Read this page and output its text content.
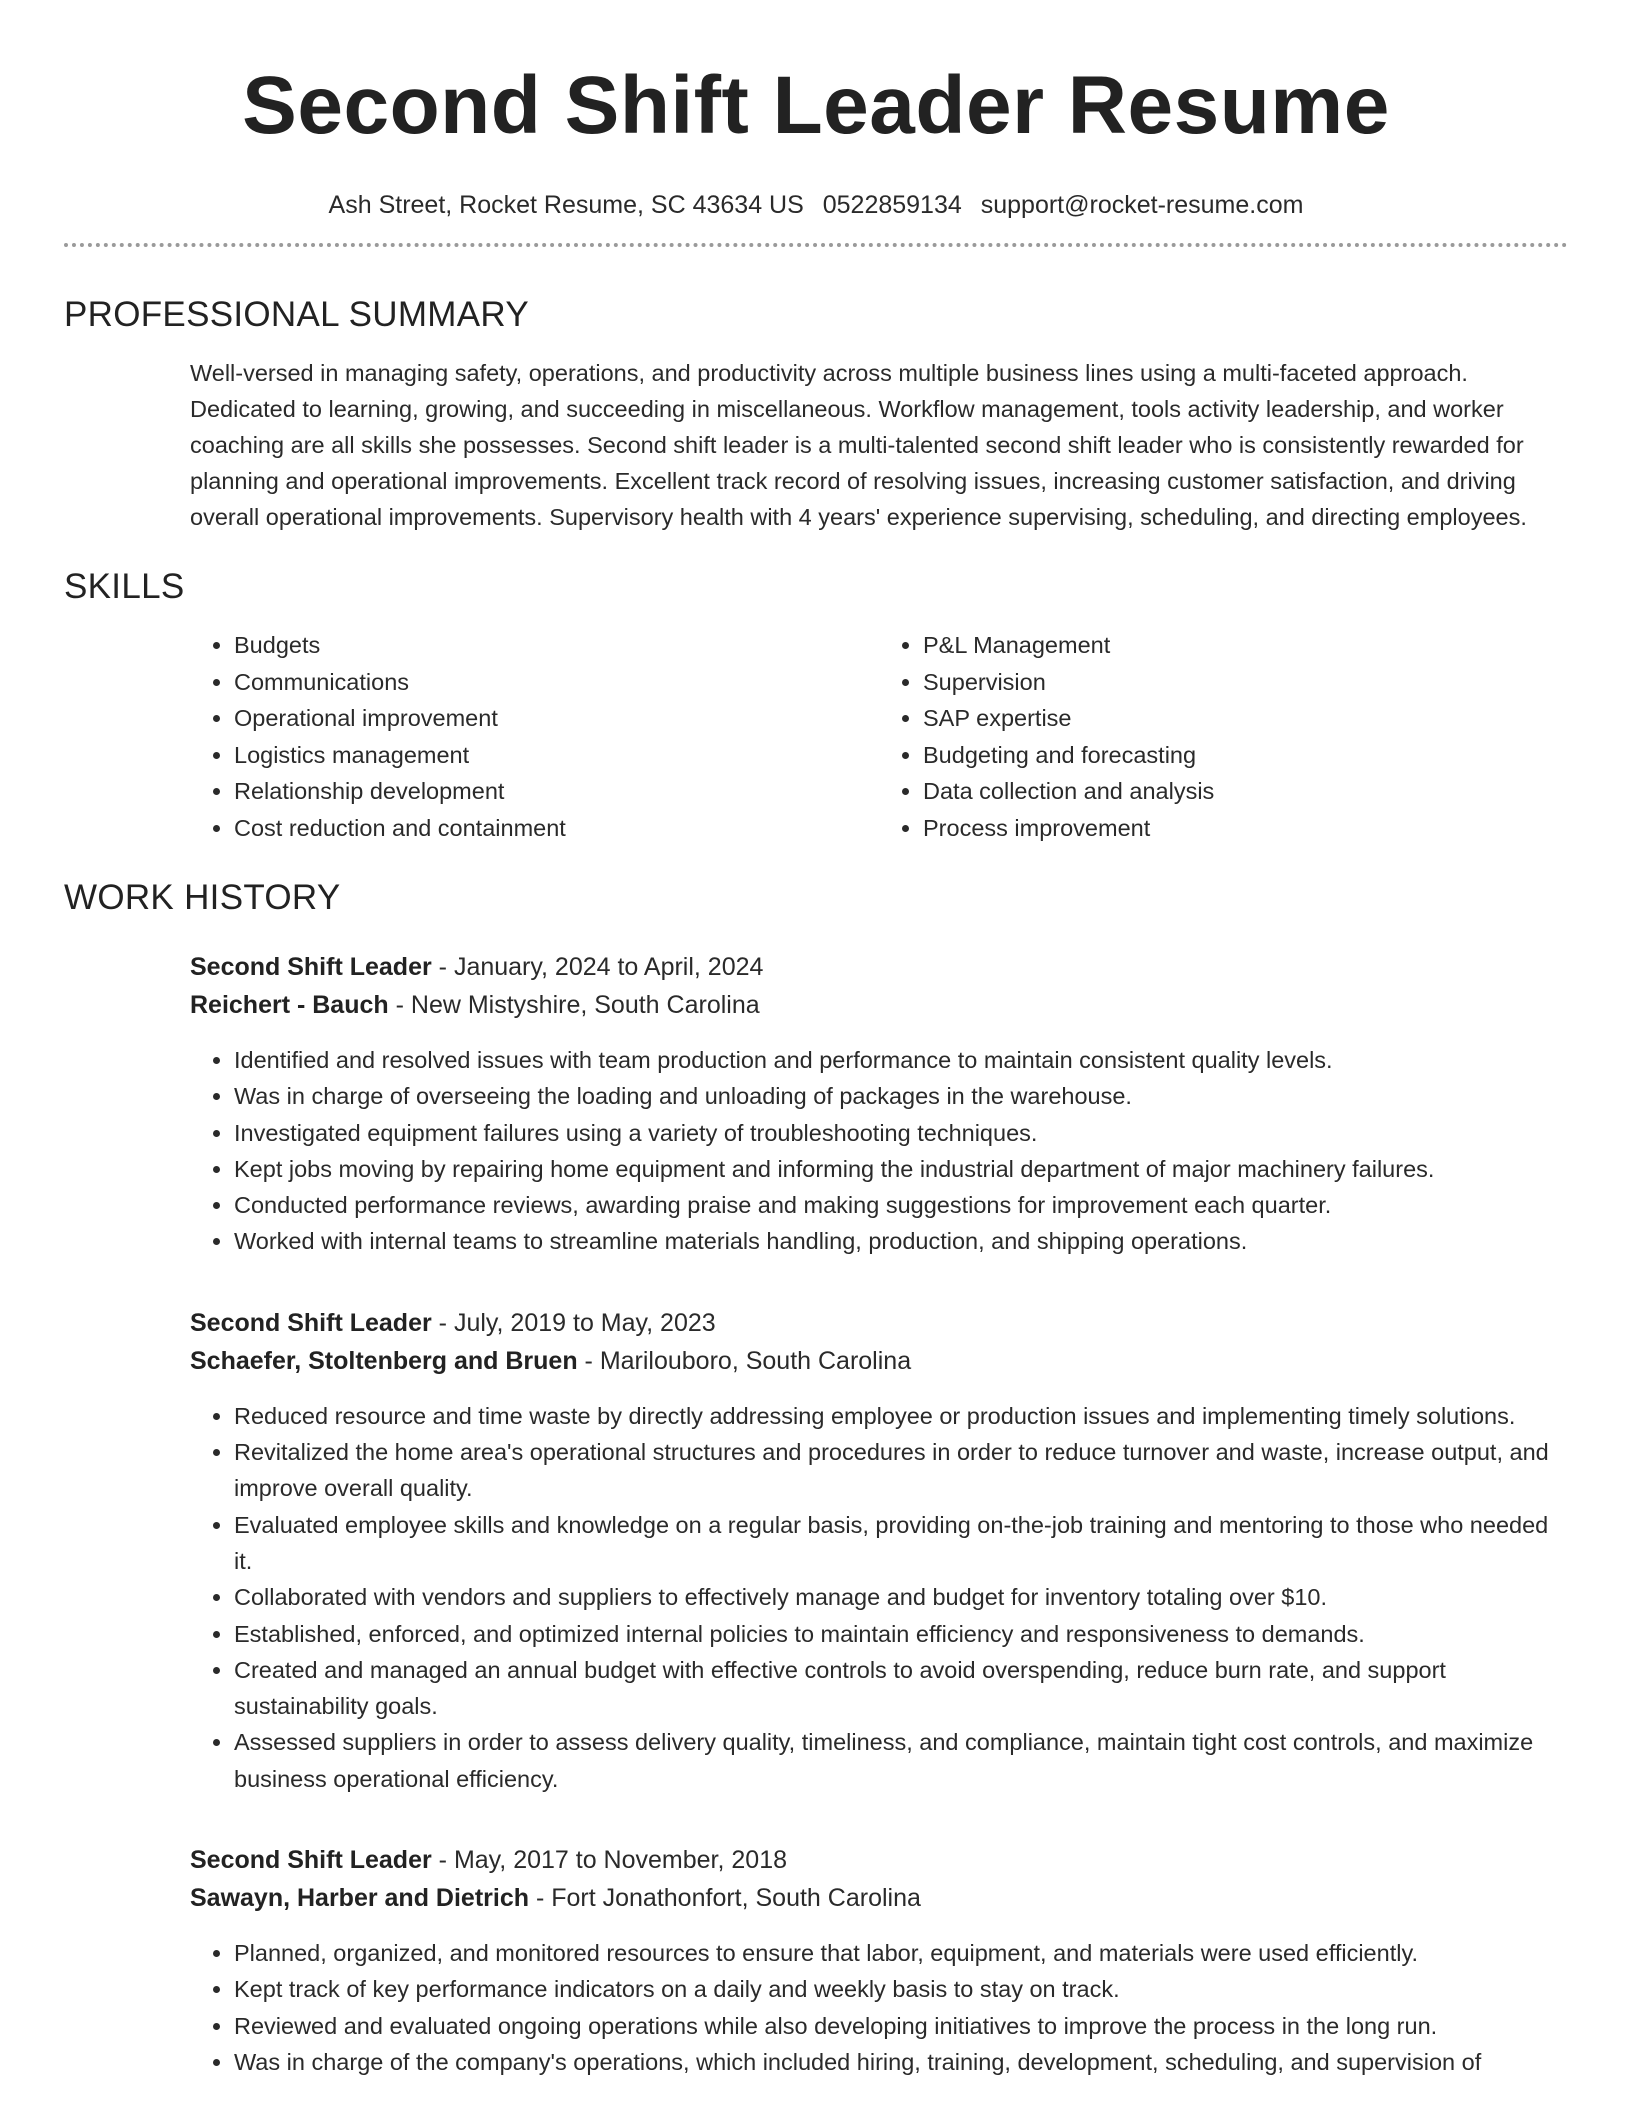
Second Shift Leader Resume
Ash Street, Rocket Resume, SC 43634 US 0522859134 support@rocket-resume.com
PROFESSIONAL SUMMARY

Well-versed in managing safety, operations, and productivity across multiple business lines using a multi-faceted approach. Dedicated to learning, growing, and succeeding in miscellaneous. Workflow management, tools activity leadership, and worker coaching are all skills she possesses. Second shift leader is a multi-talented second shift leader who is consistently rewarded for planning and operational improvements. Excellent track record of resolving issues, increasing customer satisfaction, and driving overall operational improvements. Supervisory health with 4 years' experience supervising, scheduling, and directing employees.

SKILLS
• Budgets
• Communications
• Operational improvement
• Logistics management
• Relationship development
• Cost reduction and containment
• P&L Management
• Supervision
• SAP expertise
• Budgeting and forecasting
• Data collection and analysis
• Process improvement
WORK HISTORY
Second Shift Leader - January, 2024 to April, 2024
Reichert - Bauch - New Mistyshire, South Carolina
• Identified and resolved issues with team production and performance to maintain consistent quality levels.
• Was in charge of overseeing the loading and unloading of packages in the warehouse.
• Investigated equipment failures using a variety of troubleshooting techniques.
• Kept jobs moving by repairing home equipment and informing the industrial department of major machinery failures.
• Conducted performance reviews, awarding praise and making suggestions for improvement each quarter.
• Worked with internal teams to streamline materials handling, production, and shipping operations.
Second Shift Leader - July, 2019 to May, 2023
Schaefer, Stoltenberg and Bruen - Marilouboro, South Carolina
• Reduced resource and time waste by directly addressing employee or production issues and implementing timely solutions.
• Revitalized the home area's operational structures and procedures in order to reduce turnover and waste, increase output, and improve overall quality.
• Evaluated employee skills and knowledge on a regular basis, providing on-the-job training and mentoring to those who needed it.
• Collaborated with vendors and suppliers to effectively manage and budget for inventory totaling over $10.
• Established, enforced, and optimized internal policies to maintain efficiency and responsiveness to demands.
• Created and managed an annual budget with effective controls to avoid overspending, reduce burn rate, and support sustainability goals.
• Assessed suppliers in order to assess delivery quality, timeliness, and compliance, maintain tight cost controls, and maximize business operational efficiency.
Second Shift Leader - May, 2017 to November, 2018
Sawayn, Harber and Dietrich - Fort Jonathonfort, South Carolina
• Planned, organized, and monitored resources to ensure that labor, equipment, and materials were used efficiently.
• Kept track of key performance indicators on a daily and weekly basis to stay on track.
• Reviewed and evaluated ongoing operations while also developing initiatives to improve the process in the long run.
• Was in charge of the company's operations, which included hiring, training, development, scheduling, and supervision of
